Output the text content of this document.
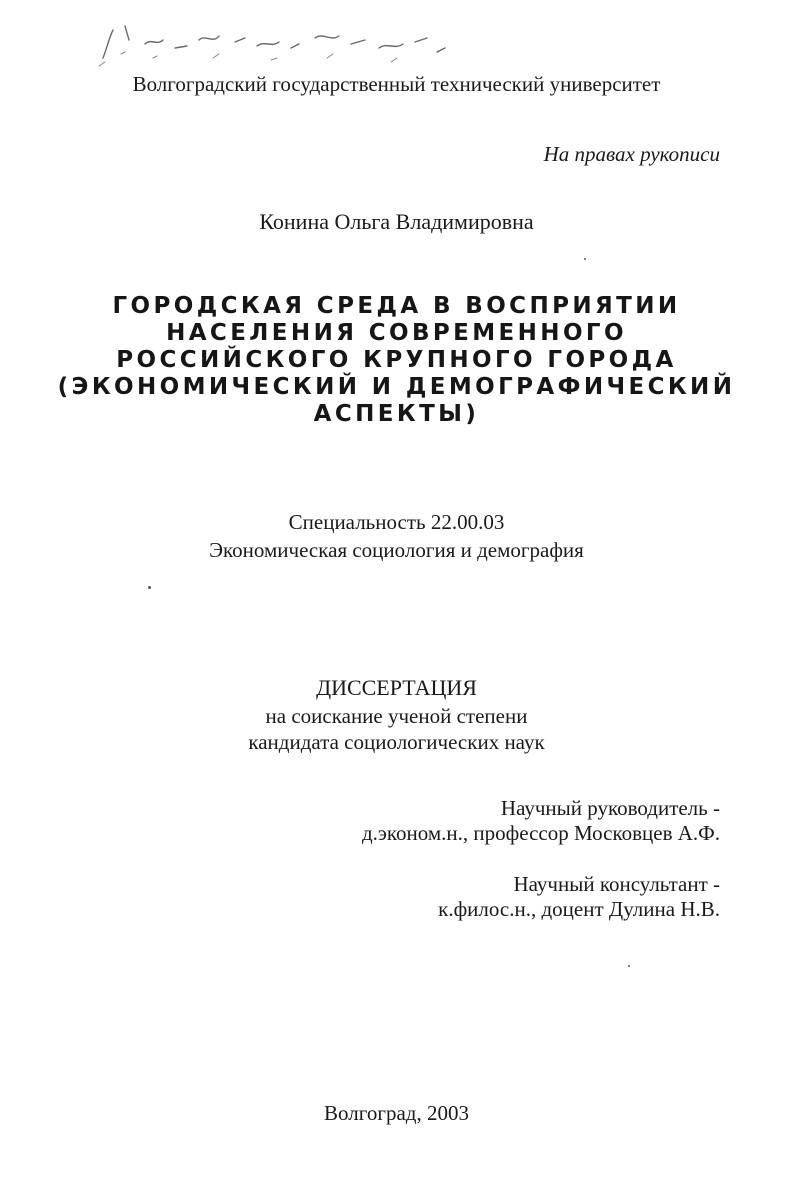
Волгоградский государственный технический университет
На правах рукописи
Конина Ольга Владимировна
ГОРОДСКАЯ СРЕДА В ВОСПРИЯТИИ
НАСЕЛЕНИЯ СОВРЕМЕННОГО
РОССИЙСКОГО КРУПНОГО ГОРОДА
(ЭКОНОМИЧЕСКИЙ И ДЕМОГРАФИЧЕСКИЙ
АСПЕКТЫ)
Специальность 22.00.03
Экономическая социология и демография
ДИССЕРТАЦИЯ
на соискание ученой степени
кандидата социологических наук
Научный руководитель -
д.эконом.н., профессор Московцев А.Ф.
Научный консультант -
к.филос.н., доцент Дулина Н.В.
Волгоград, 2003
